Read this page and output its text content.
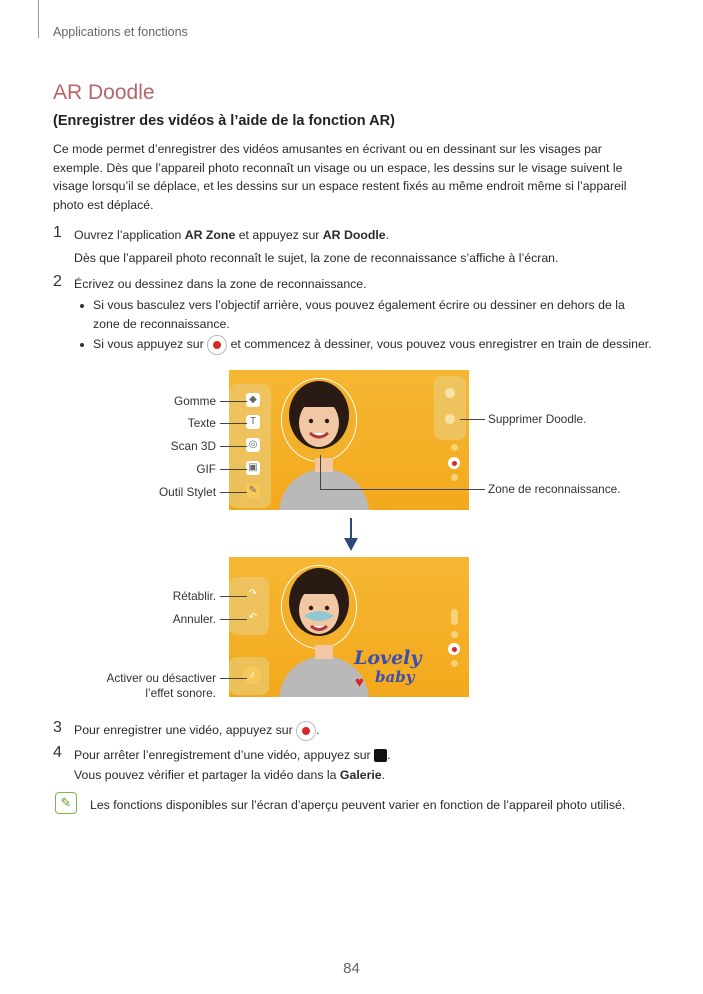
Applications et fonctions
AR Doodle
(Enregistrer des vidéos à l’aide de la fonction AR)
Ce mode permet d’enregistrer des vidéos amusantes en écrivant ou en dessinant sur les visages par exemple. Dès que l’appareil photo reconnaît un visage ou un espace, les dessins sur le visage suivent le visage lorsqu’il se déplace, et les dessins sur un espace restent fixés au même endroit même si l’appareil photo est déplacé.
1 Ouvrez l’application AR Zone et appuyez sur AR Doodle.
Dès que l’appareil photo reconnaît le sujet, la zone de reconnaissance s’affiche à l’écran.
2 Écrivez ou dessinez dans la zone de reconnaissance.
Si vous basculez vers l’objectif arrière, vous pouvez également écrire ou dessiner en dehors de la
zone de reconnaissance.
Si vous appuyez sur et commencez à dessiner, vous pouvez vous enregistrer en train de dessiner.
◆
T
◎
▣
✎
Gomme
Texte
Scan 3D
GIF
Outil Stylet
Supprimer Doodle.
Zone de reconnaissance.
↷
↶
♪
Lovely
♥ baby
Rétablir.
Annuler.
Activer ou désactiver
l’effet sonore.
3 Pour enregistrer une vidéo, appuyez sur .
4 Pour arrêter l’enregistrement d’une vidéo, appuyez sur .
Vous pouvez vérifier et partager la vidéo dans la Galerie.
✎	Les fonctions disponibles sur l’écran d’aperçu peuvent varier en fonction de l’appareil photo utilisé.
84
